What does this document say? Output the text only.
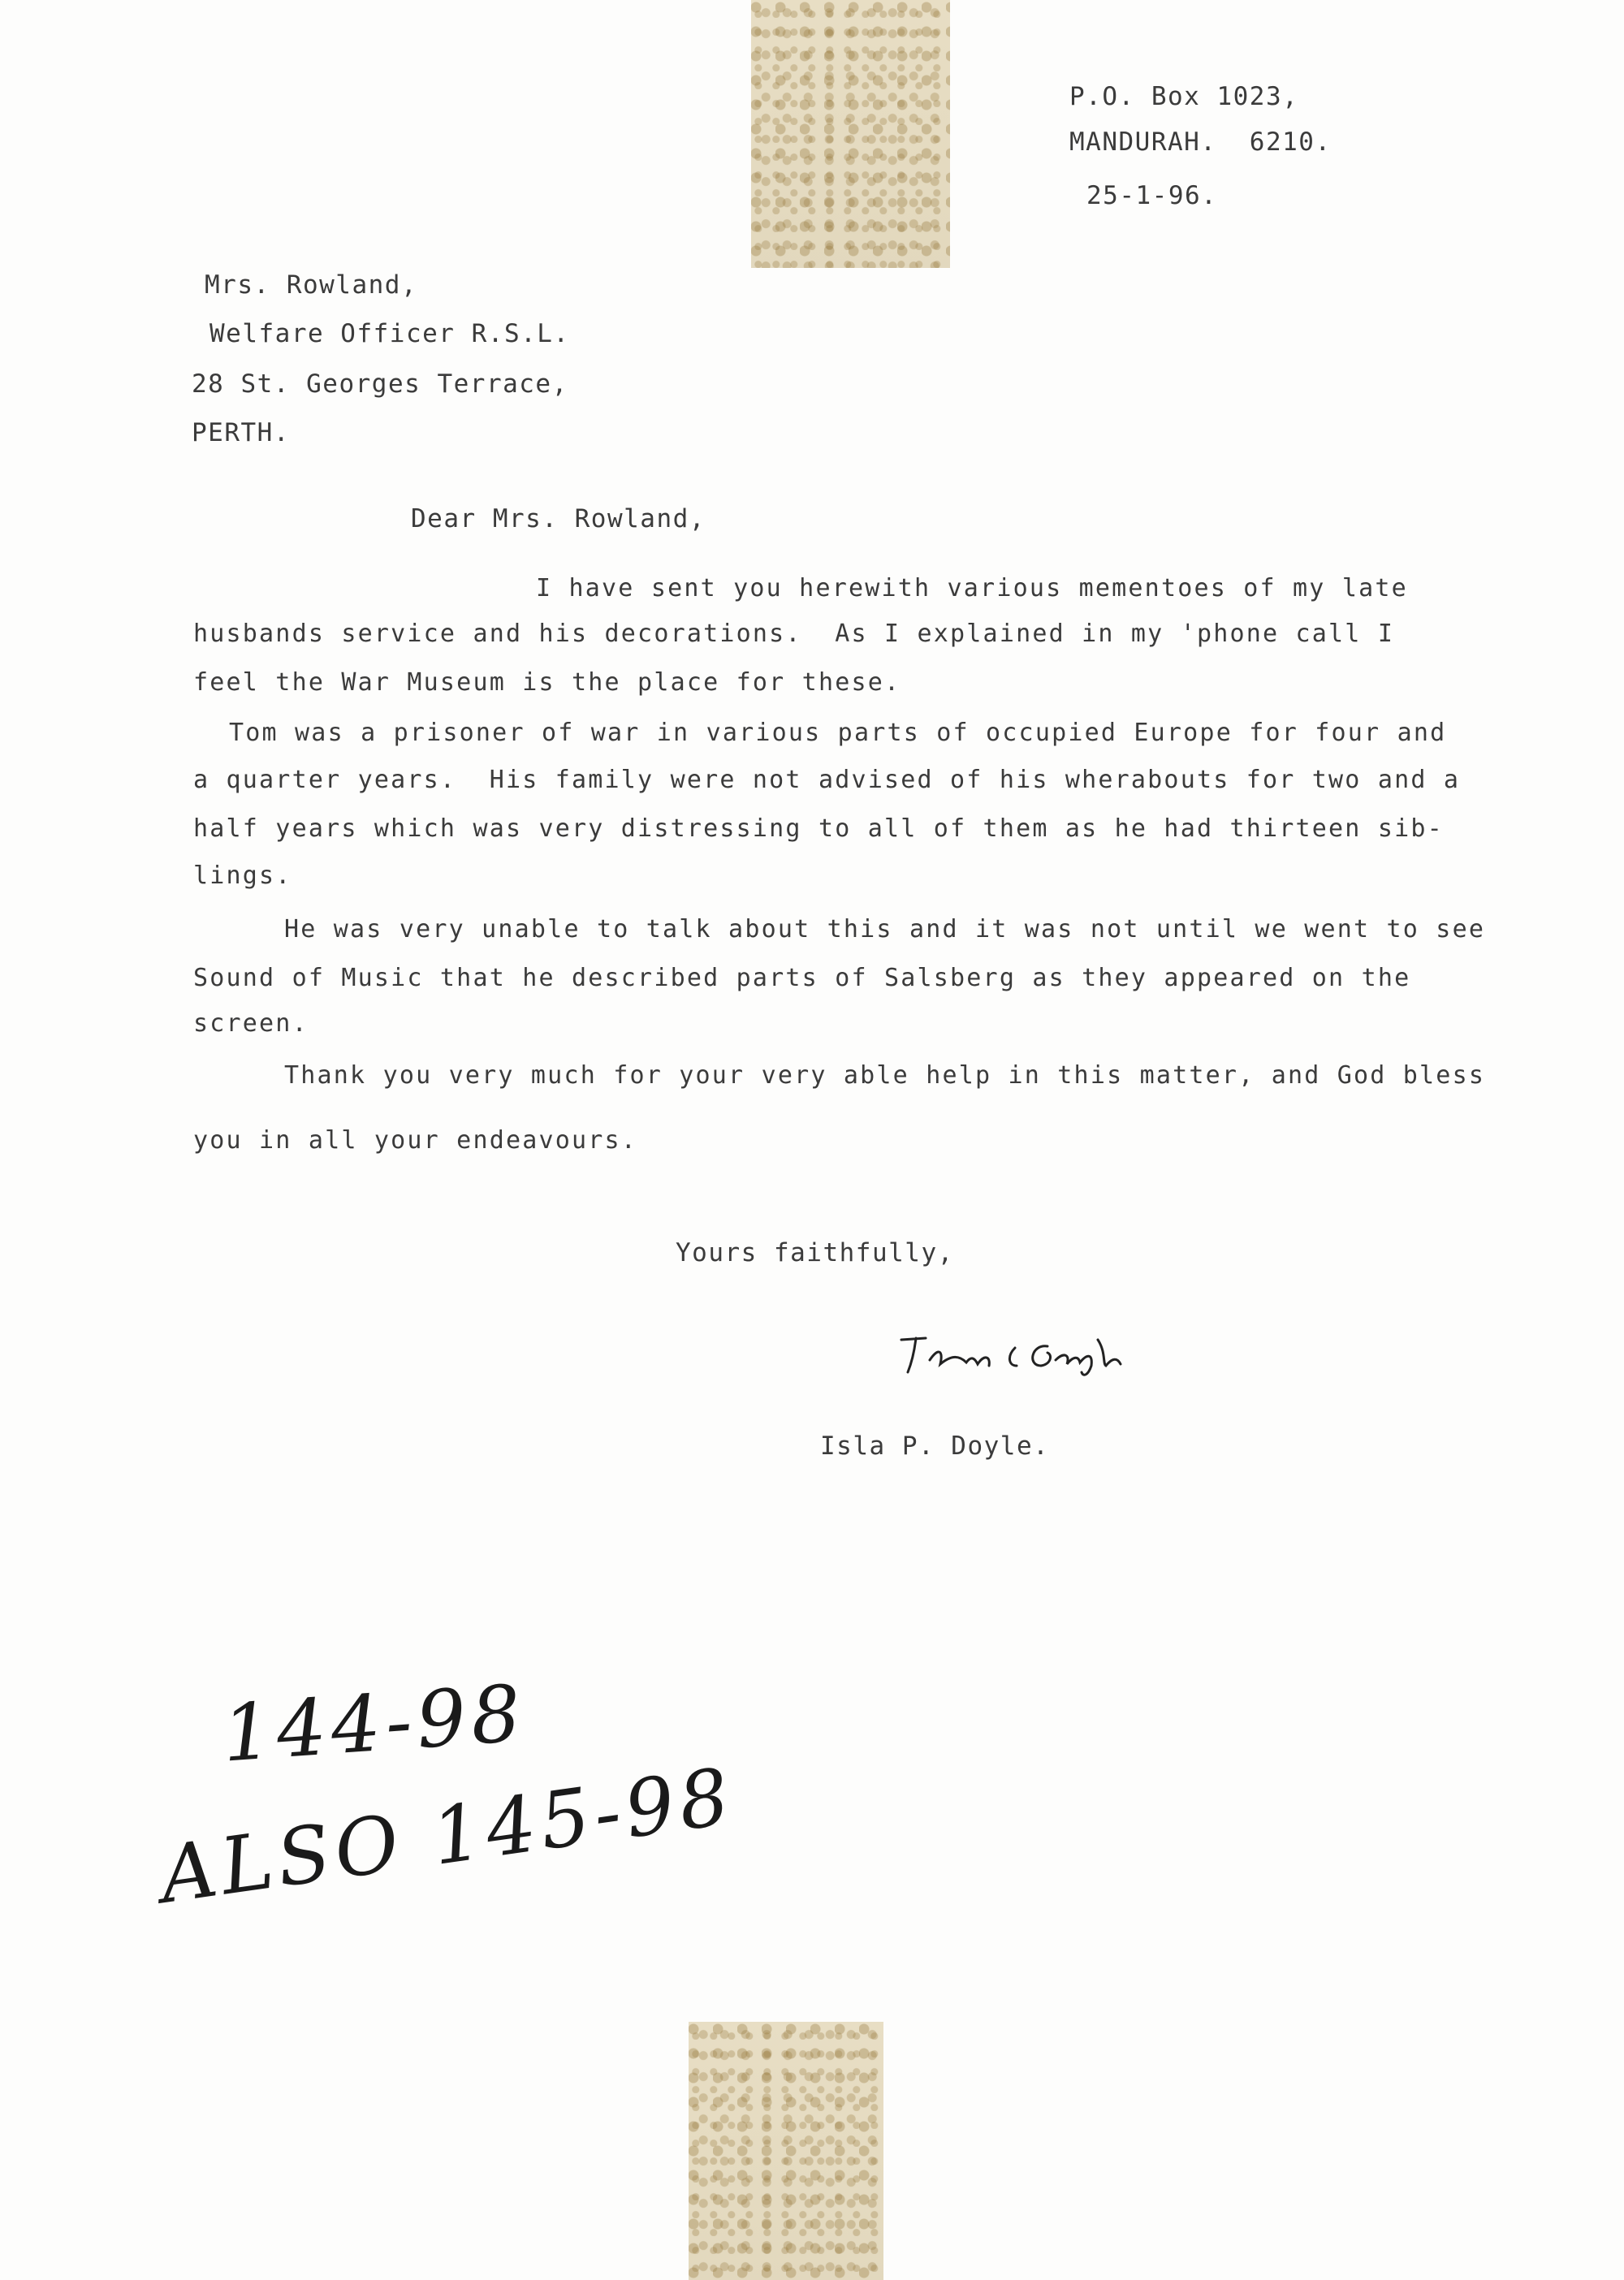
P.O. Box 1023,
MANDURAH.  6210.
25-1-96.
Mrs. Rowland,
Welfare Officer R.S.L.
28 St. Georges Terrace,
PERTH.
Dear Mrs. Rowland,
I have sent you herewith various mementoes of my late
husbands service and his decorations.  As I explained in my 'phone call I
feel the War Museum is the place for these.
Tom was a prisoner of war in various parts of occupied Europe for four and
a quarter years.  His family were not advised of his wherabouts for two and a
half years which was very distressing to all of them as he had thirteen sib-
lings.
He was very unable to talk about this and it was not until we went to see
Sound of Music that he described parts of Salsberg as they appeared on the
screen.
Thank you very much for your very able help in this matter, and God bless
you in all your endeavours.
Yours faithfully,
Isla P. Doyle.
144-98
ALSO 145-98
